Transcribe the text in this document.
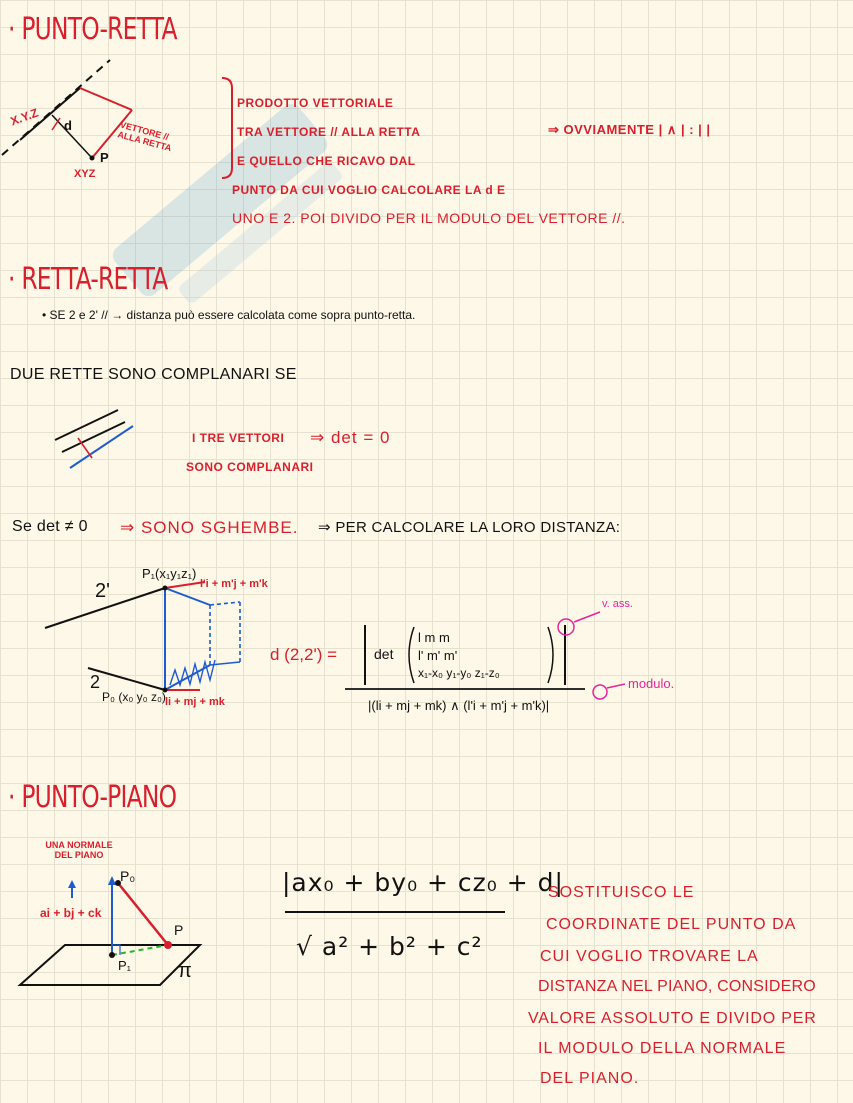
· PUNTO-RETTA
X.Y.Z d
P
XYZ
VETTORE // ALLA RETTA
PRODOTTO VETTORIALE
TRA VETTORE // ALLA RETTA
E QUELLO CHE RICAVO DAL
PUNTO DA CUI VOGLIO CALCOLARE LA d E
UNO E 2. POI DIVIDO PER IL MODULO DEL VETTORE //.
⇒ OVVIAMENTE | ∧ | : | |
· RETTA-RETTA
• SE 2 e 2' // → distanza può essere calcolata come sopra punto-retta.
DUE RETTE SONO COMPLANARI SE
I TRE VETTORI
SONO COMPLANARI
⇒ det = 0
Se det ≠ 0 ⇒ SONO SGHEMBE. ⇒ PER CALCOLARE LA LORO DISTANZA:
2'
2
P₁(x₁y₁z₁)
P₀ (x₀ y₀ z₀)
l'i + m'j + m'k
li + mj + mk
d (2,2') =	det
l m m
l' m' m'
x₁-x₀ y₁-y₀ z₁-z₀
|(li + mj + mk) ∧ (l'i + m'j + m'k)|
v. ass.
modulo.
· PUNTO-PIANO
UNA NORMALE DEL PIANO
ai + bj + ck
P₀
P
P₁ π
|ax₀ + by₀ + cz₀ + d|
√ a² + b² + c²
SOSTITUISCO LE
COORDINATE DEL PUNTO DA
CUI VOGLIO TROVARE LA
DISTANZA NEL PIANO, CONSIDERO
VALORE ASSOLUTO E DIVIDO PER
IL MODULO DELLA NORMALE
DEL PIANO.
